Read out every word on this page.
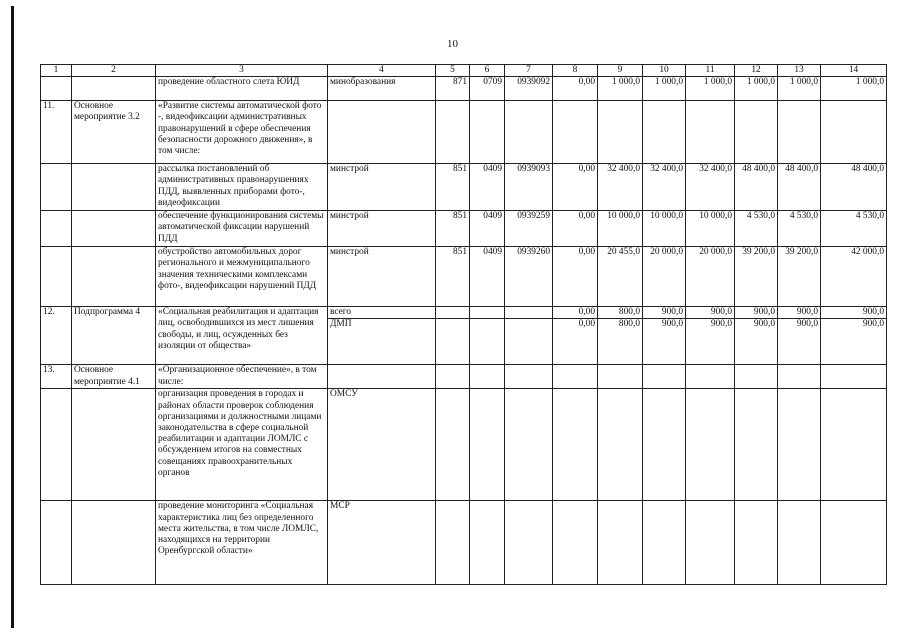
10
1	2	3	4	5	6	7	8	9	10	11	12	13	14
		проведение областного слета ЮИД	минобразования	871	0709	0939092	0,00	1 000,0	1 000,0	1 000,0	1 000,0	1 000,0	1 000,0
11.	Основное мероприятие 3.2	«Развитие системы автоматической фото -, видеофиксации административных правонарушений в сфере обеспечения безопасности дорожного движения», в том числе:											
		рассылка постановлений об административных правонарушениях ПДД, выявленных приборами фото-, видеофиксации	минстрой	851	0409	0939093	0,00	32 400,0	32 400,0	32 400,0	48 400,0	48 400,0	48 400,0
		обеспечение функционирования системы автоматической фиксации нарушений ПДД	минстрой	851	0409	0939259	0,00	10 000,0	10 000,0	10 000,0	4 530,0	4 530,0	4 530,0
		обустройство автомобильных дорог регионального и межмуниципального значения техническими комплексами фото-, видеофиксации нарушений ПДД	минстрой	851	0409	0939260	0,00	20 455,0	20 000,0	20 000,0	39 200,0	39 200,0	42 000,0
12.	Подпрограмма 4	«Социальная реабилитация и адаптация лиц, освободившихся из мест лишения свободы, и лиц, осужденных без изоляции от общества»	всего				0,00	800,0	900,0	900,0	900,0	900,0	900,0
			ДМП				0,00	800,0	900,0	900,0	900,0	900,0	900,0
13.	Основное мероприятие 4.1	«Организационное обеспечение», в том числе:											
		организация проведения в городах и районах области проверок соблюдения организациями и должностными лицами законодательства в сфере социальной реабилитации и адаптации ЛОМЛС с обсуждением итогов на совместных совещаниях правоохранительных органов	ОМСУ										
		проведение мониторинга «Социальная характеристика лиц без определенного места жительства, в том числе ЛОМЛС, находящихся на территории Оренбургской области»	МСР										
